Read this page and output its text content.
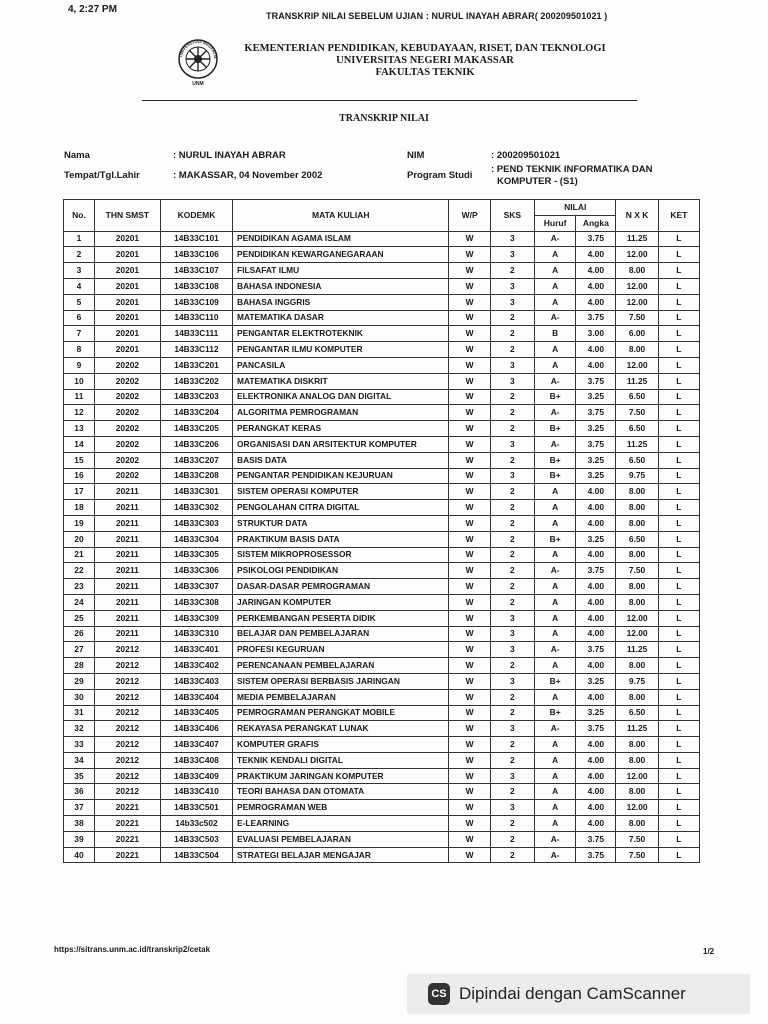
4, 2:27 PM
TRANSKRIP NILAI SEBELUM UJIAN : NURUL INAYAH ABRAR( 200209501021 )
UNIVERSITAS NEGERI M
UNM
KEMENTERIAN PENDIDIKAN, KEBUDAYAAN, RISET, DAN TEKNOLOGI
UNIVERSITAS NEGERI MAKASSAR
FAKULTAS TEKNIK
TRANSKRIP NILAI
Nama	: NURUL INAYAH ABRAR
Tempat/Tgl.Lahir	: MAKASSAR, 04 November 2002
NIM	: 200209501021
Program Studi
: PEND TEKNIK INFORMATIKA DAN
KOMPUTER - (S1)
No.	THN SMST	KODEMK	MATA KULIAH	W/P	SKS	NILAI		N X K	KET
						Huruf	Angka		
1	20201	14B33C101	PENDIDIKAN AGAMA ISLAM	W	3	A-	3.75	11.25	L
2	20201	14B33C106	PENDIDIKAN KEWARGANEGARAAN	W	3	A	4.00	12.00	L
3	20201	14B33C107	FILSAFAT ILMU	W	2	A	4.00	8.00	L
4	20201	14B33C108	BAHASA INDONESIA	W	3	A	4.00	12.00	L
5	20201	14B33C109	BAHASA INGGRIS	W	3	A	4.00	12.00	L
6	20201	14B33C110	MATEMATIKA DASAR	W	2	A-	3.75	7.50	L
7	20201	14B33C111	PENGANTAR ELEKTROTEKNIK	W	2	B	3.00	6.00	L
8	20201	14B33C112	PENGANTAR ILMU KOMPUTER	W	2	A	4.00	8.00	L
9	20202	14B33C201	PANCASILA	W	3	A	4.00	12.00	L
10	20202	14B33C202	MATEMATIKA DISKRIT	W	3	A-	3.75	11.25	L
11	20202	14B33C203	ELEKTRONIKA ANALOG DAN DIGITAL	W	2	B+	3.25	6.50	L
12	20202	14B33C204	ALGORITMA PEMROGRAMAN	W	2	A-	3.75	7.50	L
13	20202	14B33C205	PERANGKAT KERAS	W	2	B+	3.25	6.50	L
14	20202	14B33C206	ORGANISASI DAN ARSITEKTUR KOMPUTER	W	3	A-	3.75	11.25	L
15	20202	14B33C207	BASIS DATA	W	2	B+	3.25	6.50	L
16	20202	14B33C208	PENGANTAR PENDIDIKAN KEJURUAN	W	3	B+	3.25	9.75	L
17	20211	14B33C301	SISTEM OPERASI KOMPUTER	W	2	A	4.00	8.00	L
18	20211	14B33C302	PENGOLAHAN CITRA DIGITAL	W	2	A	4.00	8.00	L
19	20211	14B33C303	STRUKTUR DATA	W	2	A	4.00	8.00	L
20	20211	14B33C304	PRAKTIKUM BASIS DATA	W	2	B+	3.25	6.50	L
21	20211	14B33C305	SISTEM MIKROPROSESSOR	W	2	A	4.00	8.00	L
22	20211	14B33C306	PSIKOLOGI PENDIDIKAN	W	2	A-	3.75	7.50	L
23	20211	14B33C307	DASAR-DASAR PEMROGRAMAN	W	2	A	4.00	8.00	L
24	20211	14B33C308	JARINGAN KOMPUTER	W	2	A	4.00	8.00	L
25	20211	14B33C309	PERKEMBANGAN PESERTA DIDIK	W	3	A	4.00	12.00	L
26	20211	14B33C310	BELAJAR DAN PEMBELAJARAN	W	3	A	4.00	12.00	L
27	20212	14B33C401	PROFESI KEGURUAN	W	3	A-	3.75	11.25	L
28	20212	14B33C402	PERENCANAAN PEMBELAJARAN	W	2	A	4.00	8.00	L
29	20212	14B33C403	SISTEM OPERASI BERBASIS JARINGAN	W	3	B+	3.25	9.75	L
30	20212	14B33C404	MEDIA PEMBELAJARAN	W	2	A	4.00	8.00	L
31	20212	14B33C405	PEMROGRAMAN PERANGKAT MOBILE	W	2	B+	3.25	6.50	L
32	20212	14B33C406	REKAYASA PERANGKAT LUNAK	W	3	A-	3.75	11.25	L
33	20212	14B33C407	KOMPUTER GRAFIS	W	2	A	4.00	8.00	L
34	20212	14B33C408	TEKNIK KENDALI DIGITAL	W	2	A	4.00	8.00	L
35	20212	14B33C409	PRAKTIKUM JARINGAN KOMPUTER	W	3	A	4.00	12.00	L
36	20212	14B33C410	TEORI BAHASA DAN OTOMATA	W	2	A	4.00	8.00	L
37	20221	14B33C501	PEMROGRAMAN WEB	W	3	A	4.00	12.00	L
38	20221	14b33c502	E-LEARNING	W	2	A	4.00	8.00	L
39	20221	14B33C503	EVALUASI PEMBELAJARAN	W	2	A-	3.75	7.50	L
40	20221	14B33C504	STRATEGI BELAJAR MENGAJAR	W	2	A-	3.75	7.50	L
https://sitrans.unm.ac.id/transkrip2/cetak	1/2
CS Dipindai dengan CamScanner
